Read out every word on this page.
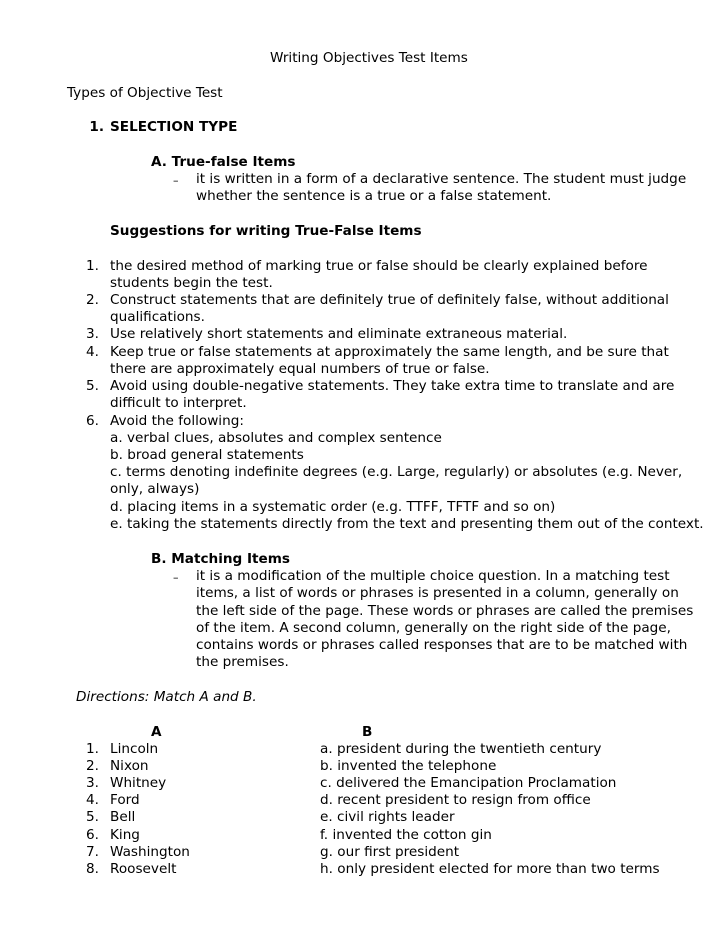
Writing Objectives Test Items
Types of Objective Test
1. SELECTION TYPE
A. True-false Items
– it is written in a form of a declarative sentence. The student must judge
whether the sentence is a true or a false statement.
Suggestions for writing True-False Items
1. the desired method of marking true or false should be clearly explained before
students begin the test.
2. Construct statements that are definitely true of definitely false, without additional
qualifications.
3. Use relatively short statements and eliminate extraneous material.
4. Keep true or false statements at approximately the same length, and be sure that
there are approximately equal numbers of true or false.
5. Avoid using double-negative statements. They take extra time to translate and are
difficult to interpret.
6. Avoid the following:
a. verbal clues, absolutes and complex sentence
b. broad general statements
c. terms denoting indefinite degrees (e.g. Large, regularly) or absolutes (e.g. Never,
only, always)
d. placing items in a systematic order (e.g. TTFF, TFTF and so on)
e. taking the statements directly from the text and presenting them out of the context.
B. Matching Items
– it is a modification of the multiple choice question. In a matching test
items, a list of words or phrases is presented in a column, generally on
the left side of the page. These words or phrases are called the premises
of the item. A second column, generally on the right side of the page,
contains words or phrases called responses that are to be matched with
the premises.
Directions: Match A and B.
A	B
1. Lincoln	a. president during the twentieth century
2. Nixon	b. invented the telephone
3. Whitney	c. delivered the Emancipation Proclamation
4. Ford	d. recent president to resign from office
5. Bell	e. civil rights leader
6. King	f. invented the cotton gin
7. Washington	g. our first president
8. Roosevelt	h. only president elected for more than two terms
